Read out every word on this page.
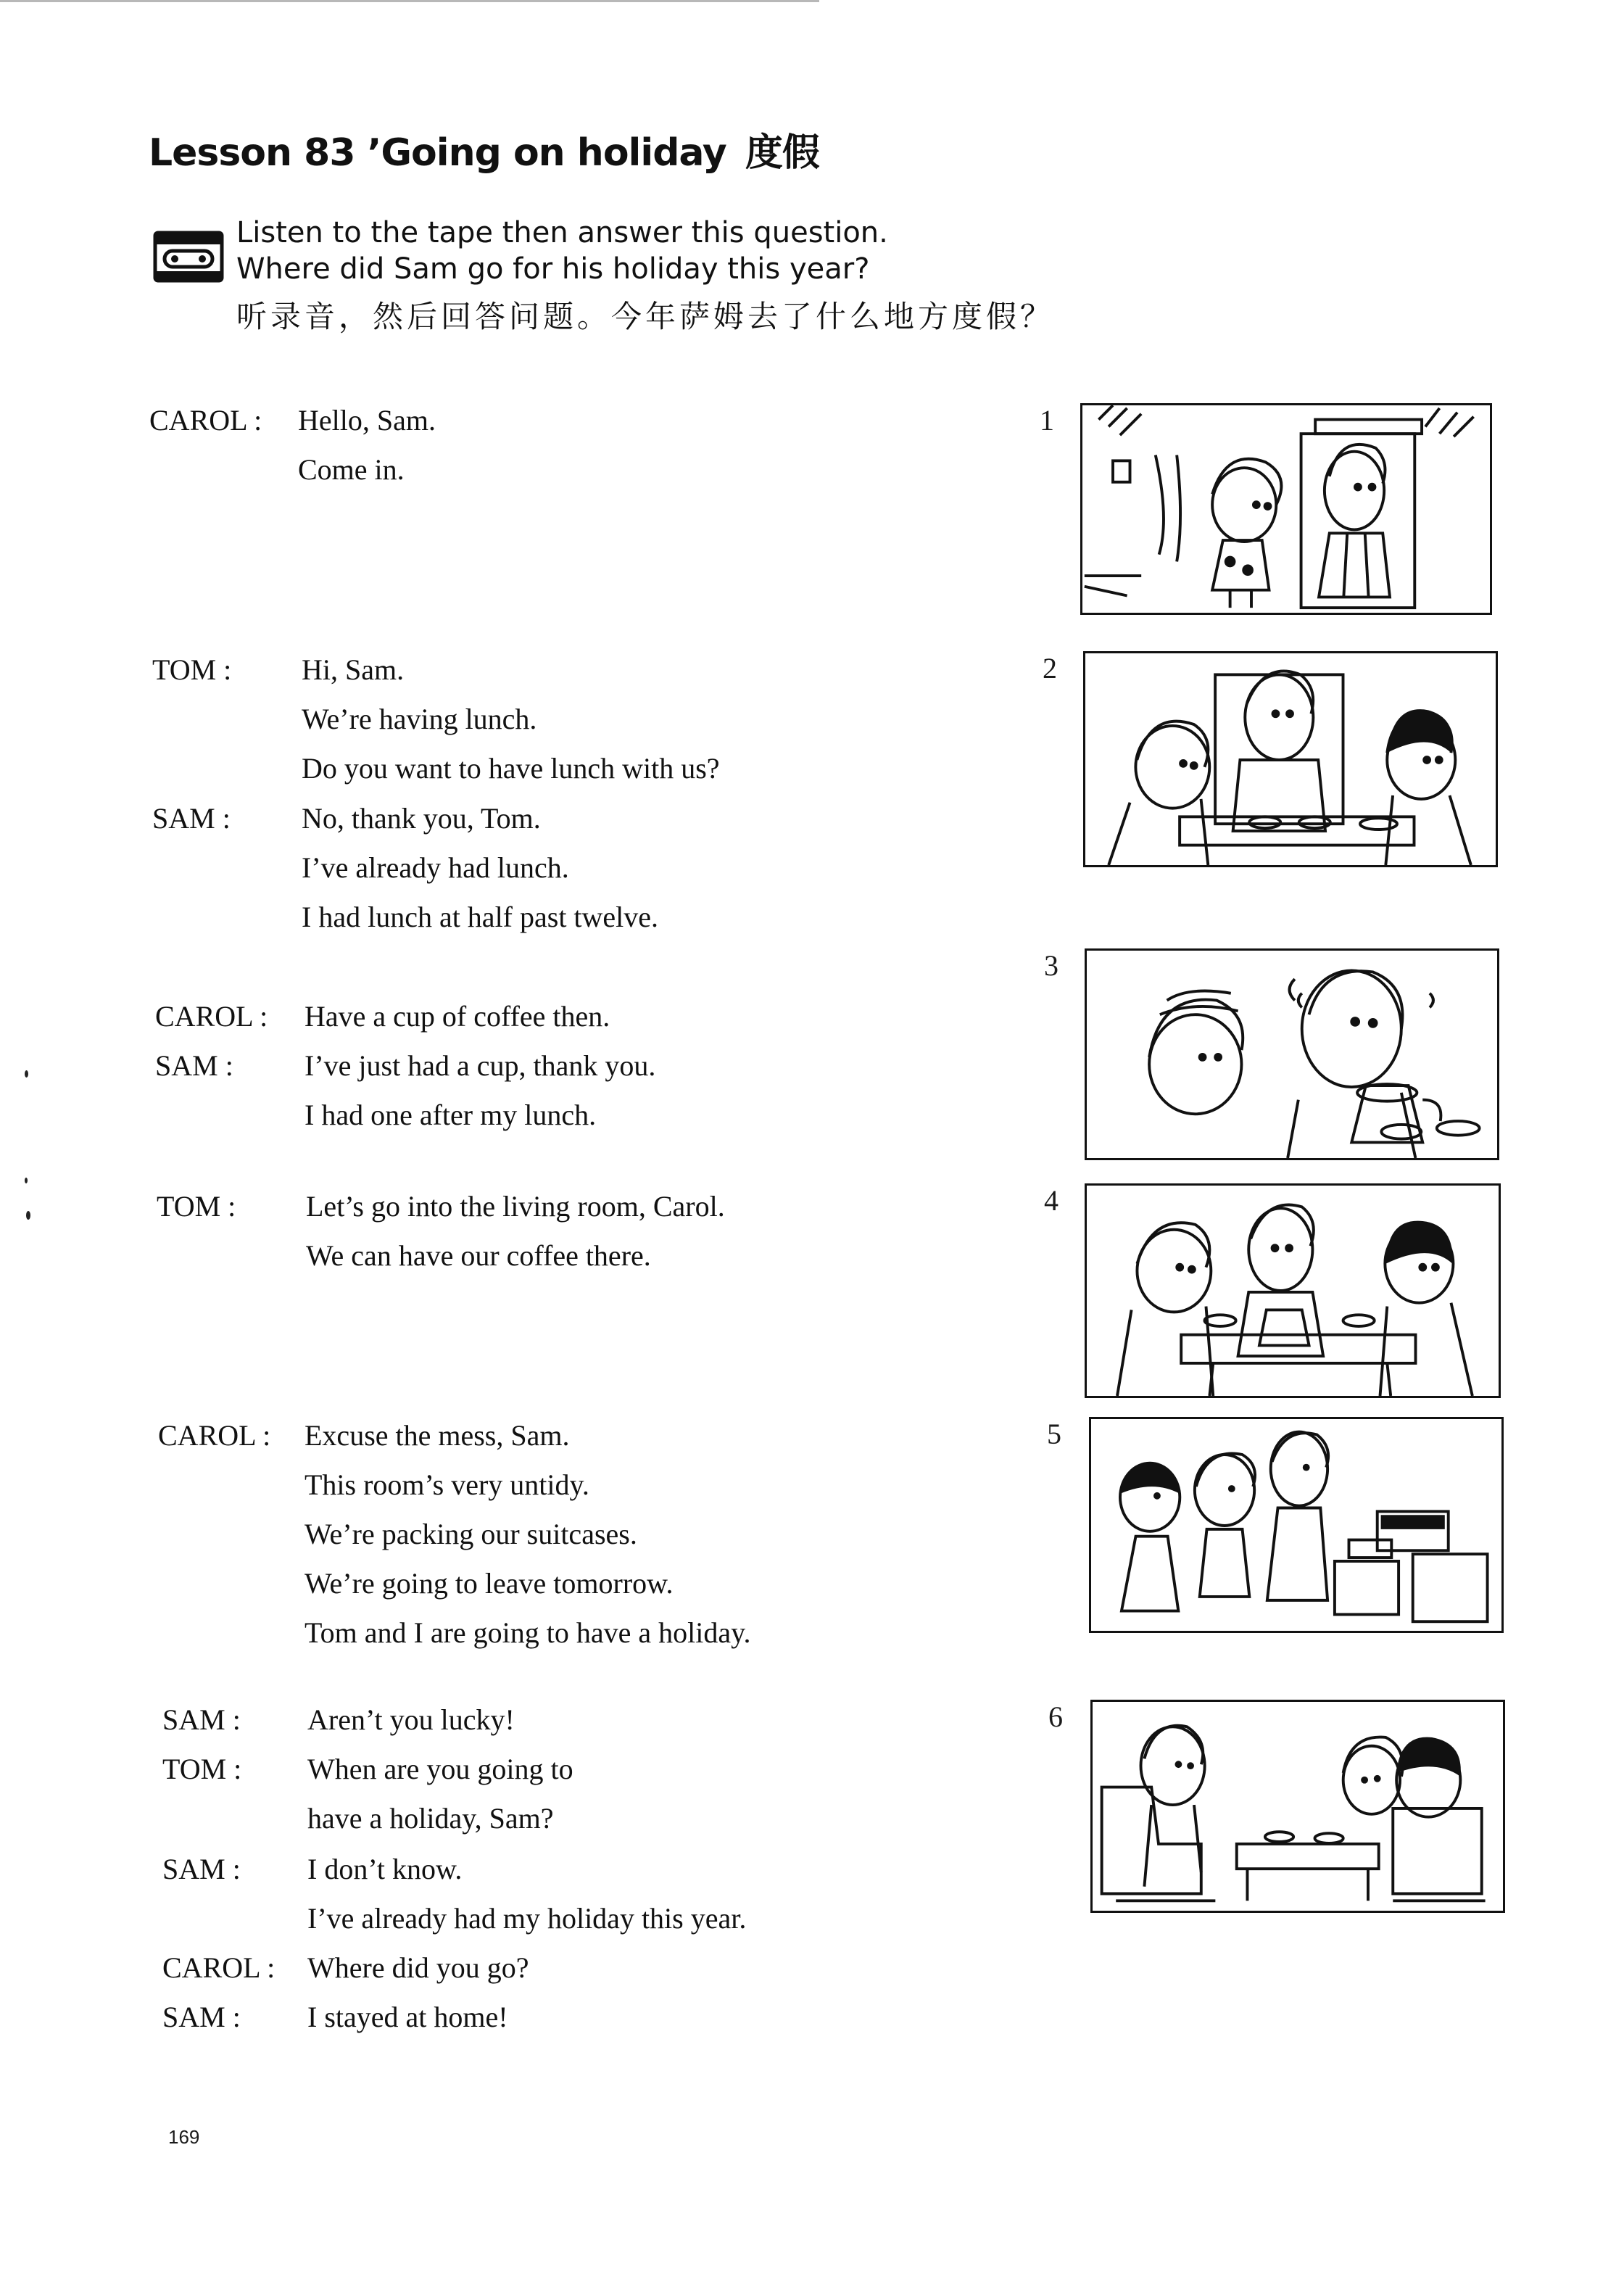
Lesson 83 ’Going on holiday 度假

Listen to the tape then answer this question.

Where did Sam go for his holiday this year?

听录音，然后回答问题。今年萨姆去了什么地方度假？
CAROL : Hello, Sam.
Come in.
TOM : Hi, Sam.
We’re having lunch.
Do you want to have lunch with us?
SAM : No, thank you, Tom.
I’ve already had lunch.
I had lunch at half past twelve.
CAROL : Have a cup of coffee then.
SAM : I’ve just had a cup, thank you.
I had one after my lunch.
TOM : Let’s go into the living room, Carol.
We can have our coffee there.
CAROL : Excuse the mess, Sam.
This room’s very untidy.
We’re packing our suitcases.
We’re going to leave tomorrow.
Tom and I are going to have a holiday.
SAM : Aren’t you lucky!
TOM : When are you going to
have a holiday, Sam?
SAM : I don’t know.
I’ve already had my holiday this year.
CAROL : Where did you go?
SAM : I stayed at home!
1
2
3
4
5
6
169
